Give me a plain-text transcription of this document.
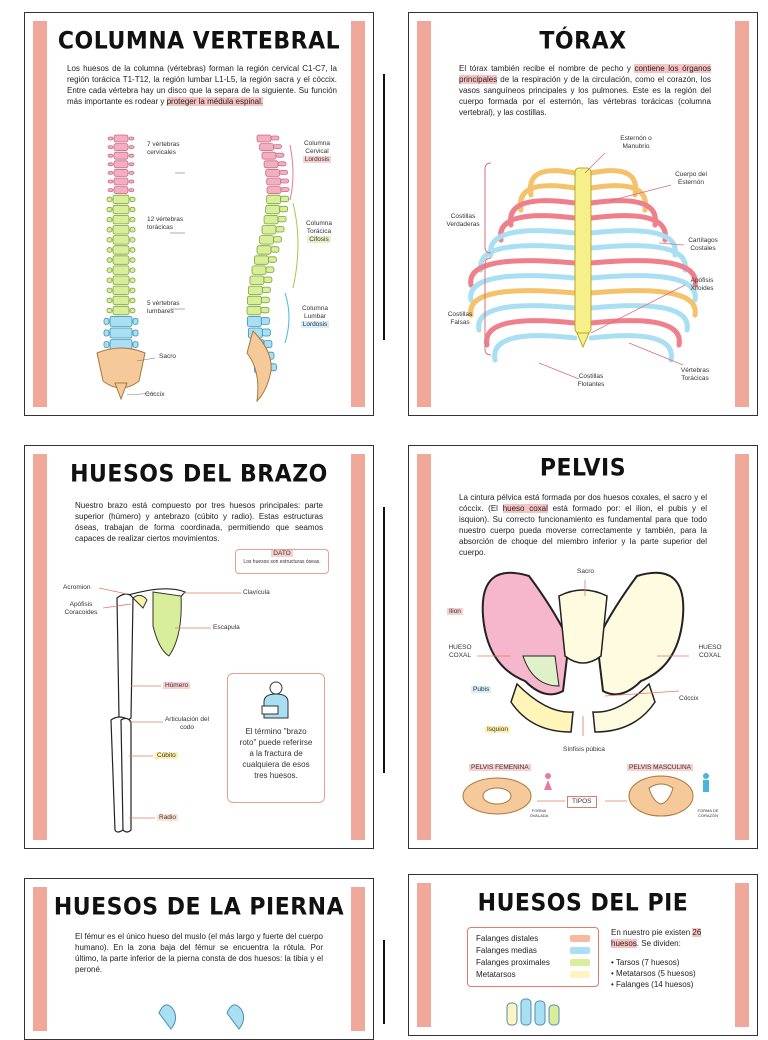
COLUMNA VERTEBRAL
Los huesos de la columna (vértebras) forman la región cervical C1-C7, la región torácica T1-T12, la región lumbar L1-L5, la región sacra y el cóccix. Entre cada vértebra hay un disco que la separa de la siguiente. Su función más importante es rodear y proteger la médula espinal.
7 vértebras cervicales
12 vértebras torácicas
5 vértebras lumbares
Sacro
Cóccix
Columna Cervical
Lordosis
Columna Torácica
Cifosis
Columna Lumbar
Lordosis
TÓRAX
El tórax también recibe el nombre de pecho y contiene los órganos principales de la respiración y de la circulación, como el corazón, los vasos sanguíneos principales y los pulmones. Este es la región del cuerpo formada por el esternón, las vértebras torácicas (columna vertebral), y las costillas.
Esternón o Manubrio
Cuerpo del Esternón
Cartílagos Costales
Apófisis Xifoides
Costillas Verdaderas
Costillas Falsas
Costillas Flotantes
Vértebras Torácicas
HUESOS DEL BRAZO
Nuestro brazo está compuesto por tres huesos principales: parte superior (húmero) y antebrazo (cúbito y radio). Estas estructuras óseas, trabajan de forma coordinada, permitiendo que seamos capaces de realizar ciertos movimientos.
DATO
Los huesos son estructuras óseas.
Acromion
Apófisis Coracoides
Clavícula
Escapula
Húmero
Articulación del codo
Cúbito
Radio
El término "brazo roto" puede referirse a la fractura de cualquiera de esos tres huesos.
PELVIS
La cintura pélvica está formada por dos huesos coxales, el sacro y el cóccix. (El hueso coxal está formado por: el ilion, el pubis y el isquion). Su correcto funcionamiento es fundamental para que todo nuestro cuerpo pueda moverse correctamente y también, para la absorción de choque del miembro inferior y la parte superior del cuerpo.
Sacro
Ilion
HUESO COXAL
HUESO COXAL
Pubis
Cóccix
Isquion
Sínfisis púbica
PELVIS FEMENINA	PELVIS MASCULINA
TIPOS
FORMA OVALADA
FORMA DE CORAZÓN
HUESOS DE LA PIERNA
El fémur es el único hueso del muslo (el más largo y fuerte del cuerpo humano). En la zona baja del fémur se encuentra la rótula. Por último, la parte inferior de la pierna consta de dos huesos: la tibia y el peroné.
HUESOS DEL PIE
Falanges distales
Falanges medias
Falanges proximales
Metatarsos
En nuestro pie existen 26 huesos. Se dividen:
• Tarsos (7 huesos)
• Metatarsos (5 huesos)
• Falanges (14 huesos)
